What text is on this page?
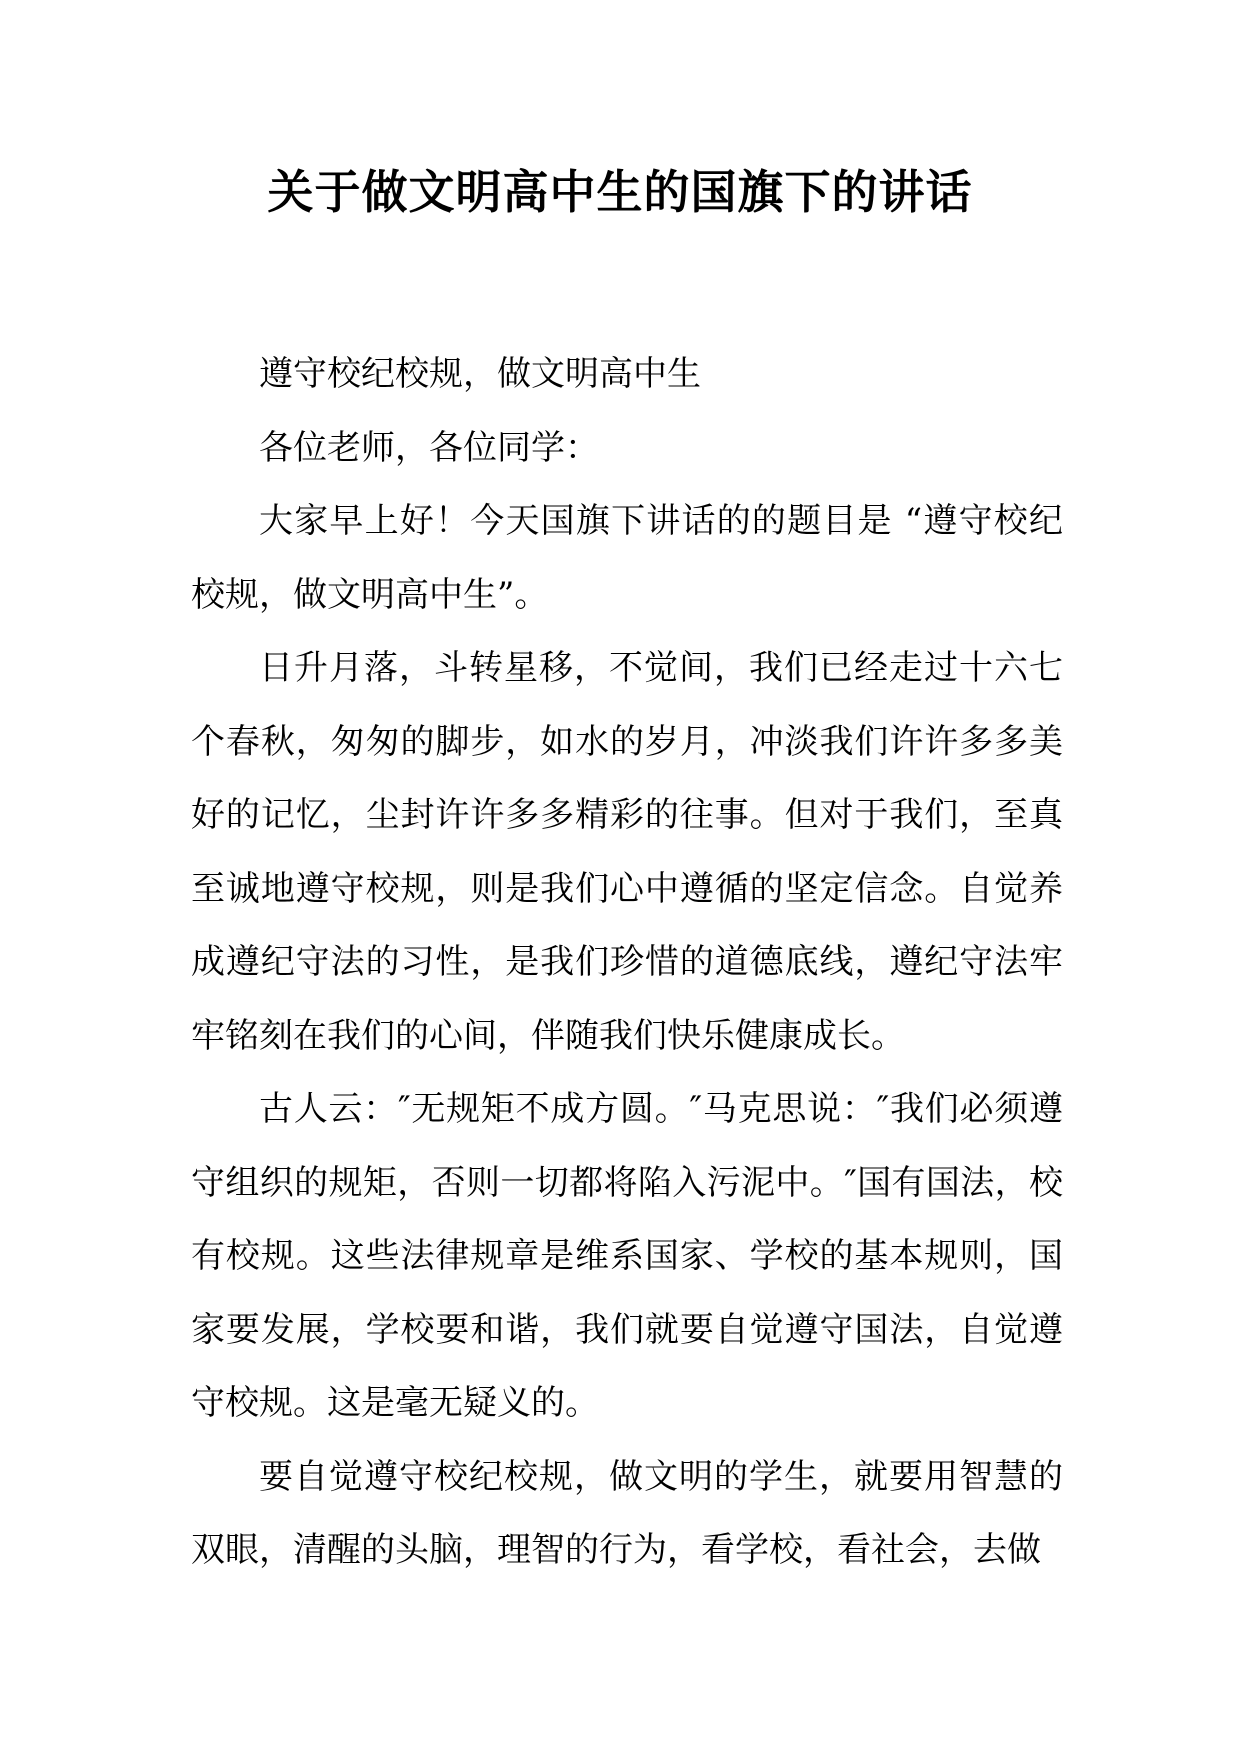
关于做文明高中生的国旗下的讲话

遵守校纪校规，做文明高中生

各位老师，各位同学：

大家早上好！今天国旗下讲话的的题目是 “遵守校纪校规，做文明高中生”。

日升月落，斗转星移，不觉间，我们已经走过十六七个春秋，匆匆的脚步，如水的岁月，冲淡我们许许多多美好的记忆，尘封许许多多精彩的往事。但对于我们，至真至诚地遵守校规，则是我们心中遵循的坚定信念。自觉养成遵纪守法的习性，是我们珍惜的道德底线，遵纪守法牢牢铭刻在我们的心间，伴随我们快乐健康成长。

古人云：″无规矩不成方圆。″马克思说：″我们必须遵守组织的规矩，否则一切都将陷入污泥中。″国有国法，校有校规。这些法律规章是维系国家、学校的基本规则，国家要发展，学校要和谐，我们就要自觉遵守国法，自觉遵守校规。这是毫无疑义的。

要自觉遵守校纪校规，做文明的学生，就要用智慧的双眼，清醒的头脑，理智的行为，看学校，看社会，去做
